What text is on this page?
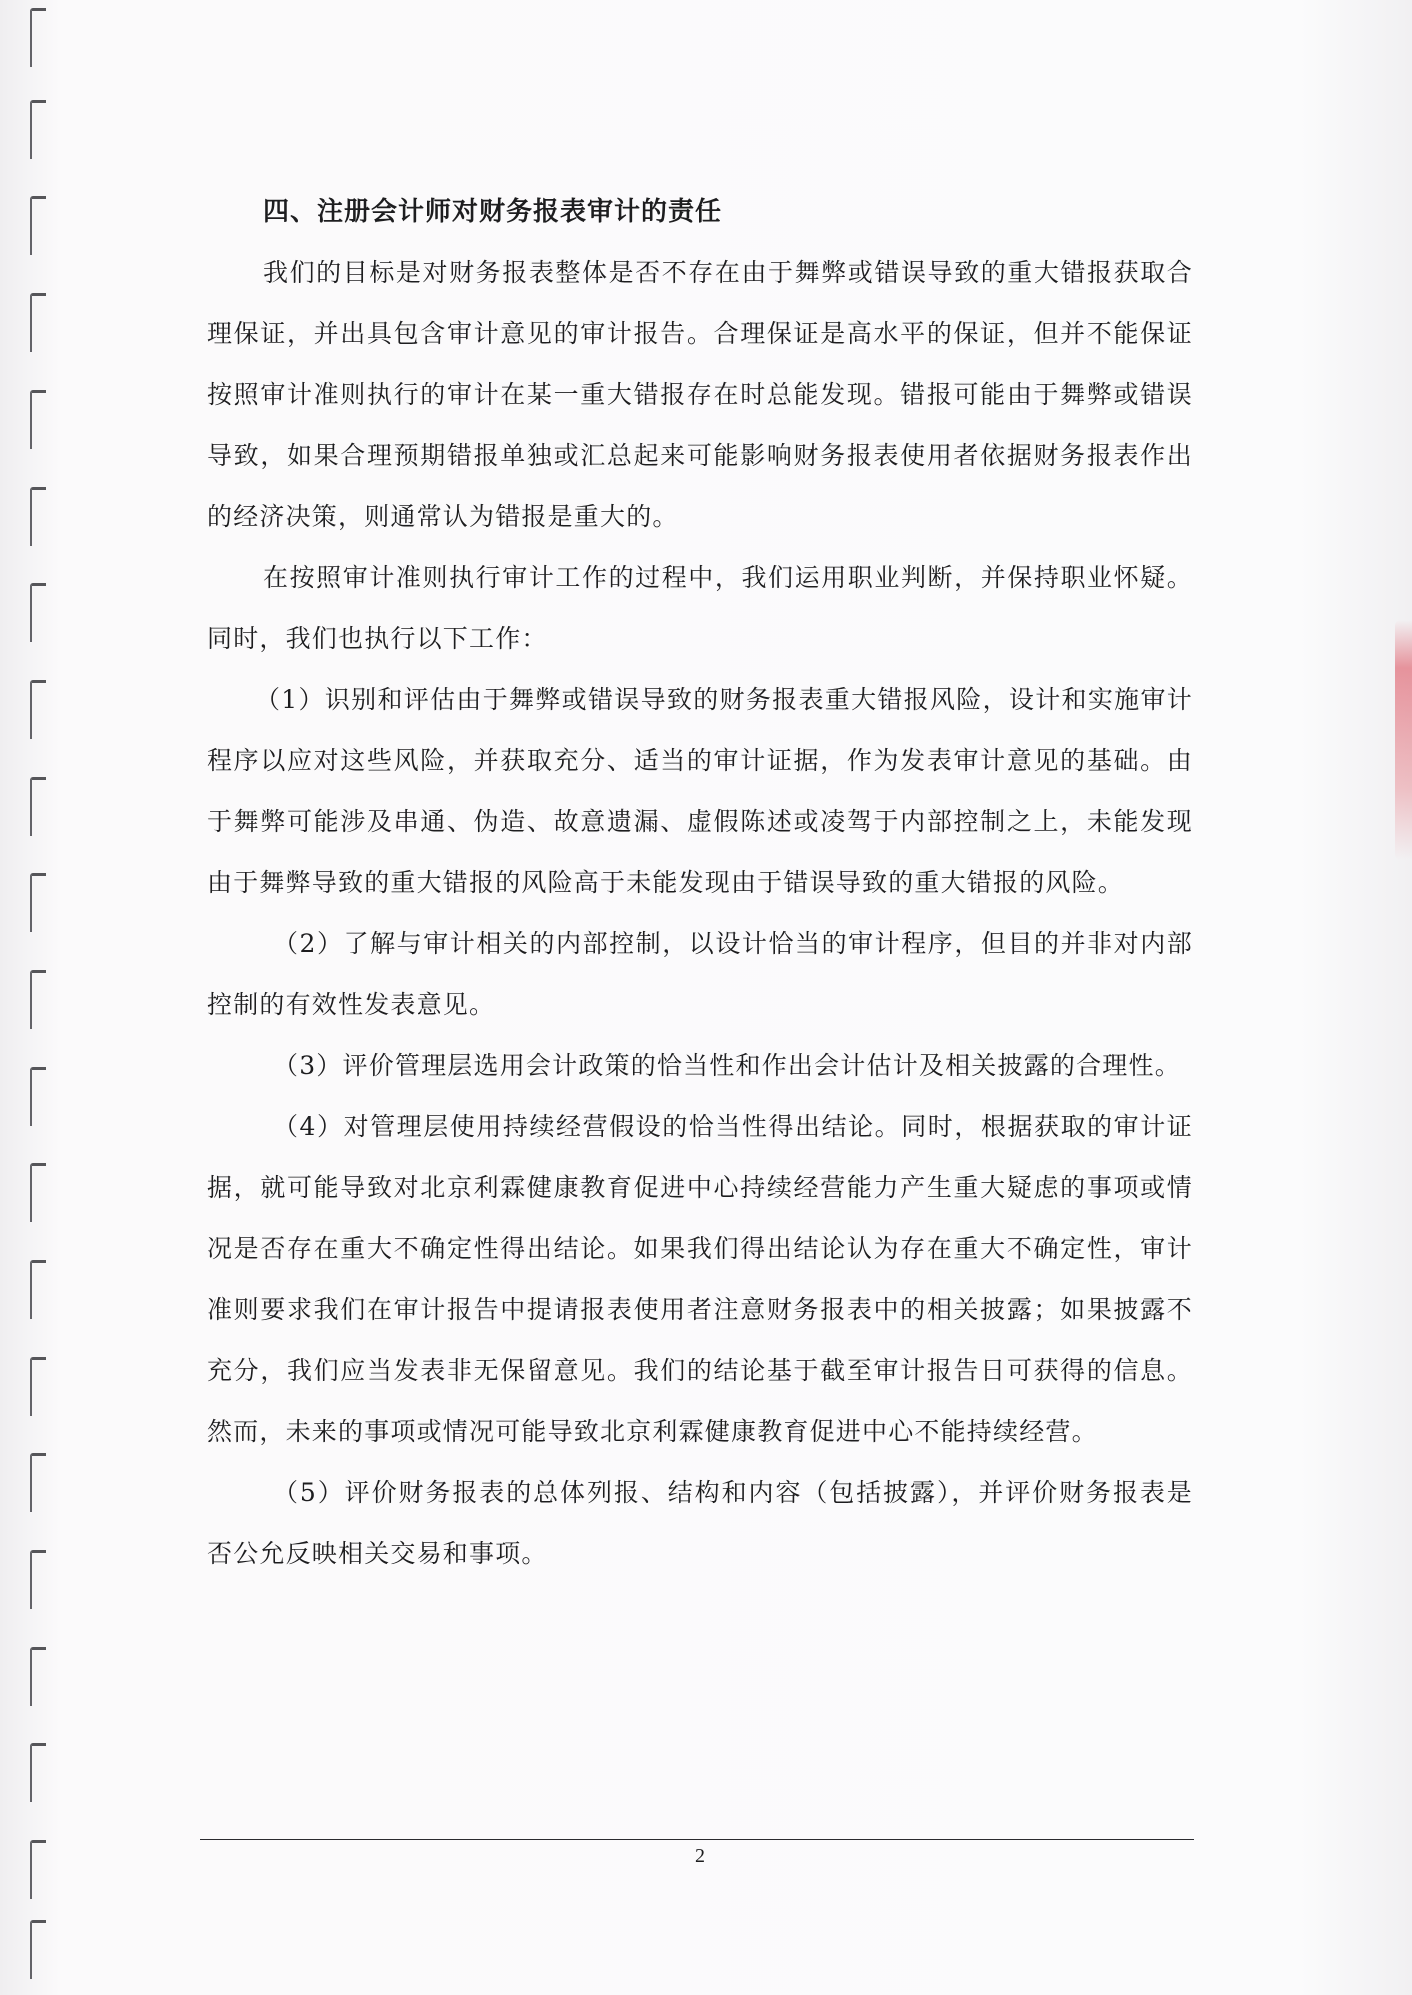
四、注册会计师对财务报表审计的责任

我们的目标是对财务报表整体是否不存在由于舞弊或错误导致的重大错报获取合理保证，并出具包含审计意见的审计报告。合理保证是高水平的保证，但并不能保证按照审计准则执行的审计在某一重大错报存在时总能发现。错报可能由于舞弊或错误导致，如果合理预期错报单独或汇总起来可能影响财务报表使用者依据财务报表作出的经济决策，则通常认为错报是重大的。

在按照审计准则执行审计工作的过程中，我们运用职业判断，并保持职业怀疑。同时，我们也执行以下工作：

（1）识别和评估由于舞弊或错误导致的财务报表重大错报风险，设计和实施审计程序以应对这些风险，并获取充分、适当的审计证据，作为发表审计意见的基础。由于舞弊可能涉及串通、伪造、故意遗漏、虚假陈述或凌驾于内部控制之上，未能发现由于舞弊导致的重大错报的风险高于未能发现由于错误导致的重大错报的风险。

（2）了解与审计相关的内部控制，以设计恰当的审计程序，但目的并非对内部控制的有效性发表意见。

（3）评价管理层选用会计政策的恰当性和作出会计估计及相关披露的合理性。

（4）对管理层使用持续经营假设的恰当性得出结论。同时，根据获取的审计证据，就可能导致对北京利霖健康教育促进中心持续经营能力产生重大疑虑的事项或情况是否存在重大不确定性得出结论。如果我们得出结论认为存在重大不确定性，审计准则要求我们在审计报告中提请报表使用者注意财务报表中的相关披露；如果披露不充分，我们应当发表非无保留意见。我们的结论基于截至审计报告日可获得的信息。然而，未来的事项或情况可能导致北京利霖健康教育促进中心不能持续经营。

（5）评价财务报表的总体列报、结构和内容（包括披露），并评价财务报表是否公允反映相关交易和事项。

2
